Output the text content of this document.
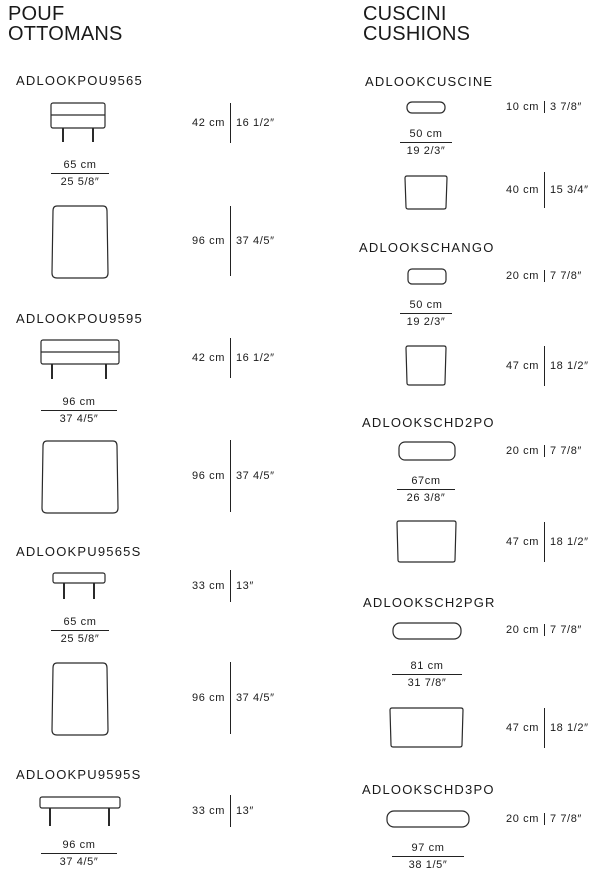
POUF
OTTOMANS
CUSCINI
CUSHIONS
ADLOOKPOU9565
42 cm 16 1/2″
65 cm
25 5/8″
96 cm 37 4/5″
ADLOOKPOU9595
42 cm 16 1/2″
96 cm
37 4/5″
96 cm 37 4/5″
ADLOOKPU9565S
33 cm 13″
65 cm
25 5/8″
96 cm 37 4/5″
ADLOOKPU9595S
33 cm 13″
96 cm
37 4/5″
ADLOOKCUSCINE
10 cm 3 7/8″
50 cm
19 2/3″
40 cm 15 3/4″
ADLOOKSCHANGO
20 cm 7 7/8″
50 cm
19 2/3″
47 cm 18 1/2″
ADLOOKSCHD2PO
20 cm 7 7/8″
67cm
26 3/8″
47 cm 18 1/2″
ADLOOKSCH2PGR
20 cm 7 7/8″
81 cm
31 7/8″
47 cm 18 1/2″
ADLOOKSCHD3PO
20 cm 7 7/8″
97 cm
38 1/5″
